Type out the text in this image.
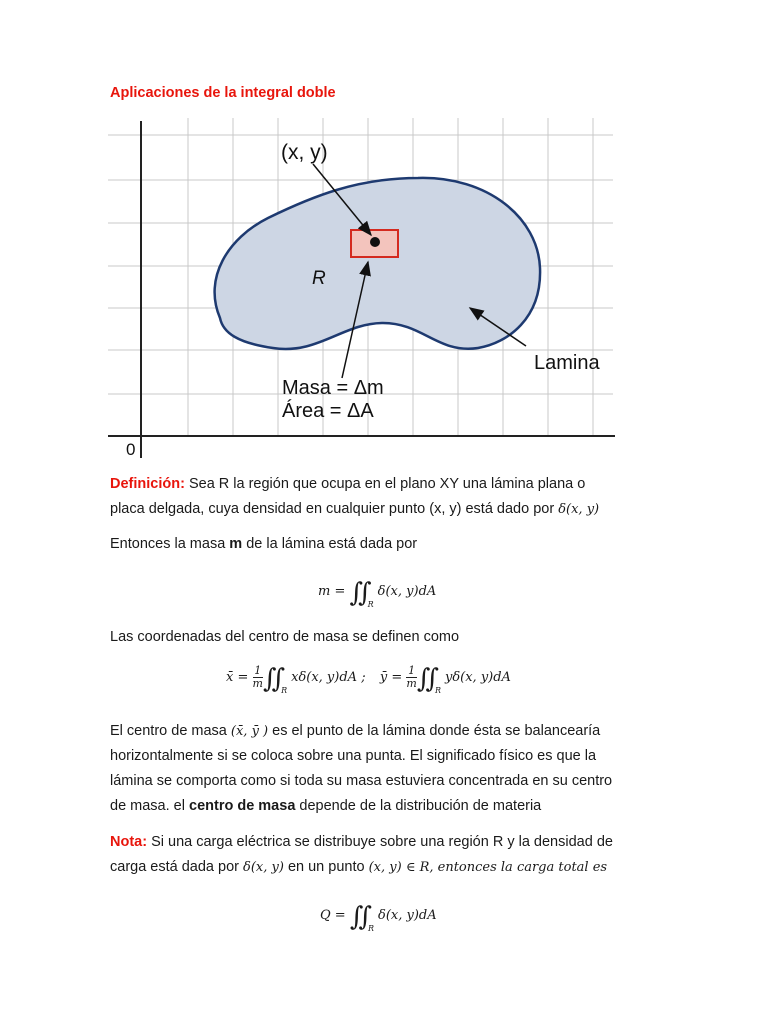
Aplicaciones de la integral doble
(x, y)
R
Lamina
Masa = Δm
Área = ΔA
0
Definición: Sea R la región que ocupa en el plano XY una lámina plana o
placa delgada, cuya densidad en cualquier punto (x, y) está dado por δ(x, y)
Entonces la masa m de la lámina está dada por
m = ∬ $_R$δ(x, y)dA
Las coordenadas del centro de masa se definen como
x̄ = $\frac{1}{m}$ ∬ $_R$xδ(x, y)dA ; ȳ = $\frac{1}{m}$ ∬ $_R$yδ(x, y)dA
El centro de masa (x̄, ȳ ) es el punto de la lámina donde ésta se balancearía
horizontalmente si se coloca sobre una punta. El significado físico es que la
lámina se comporta como si toda su masa estuviera concentrada en su centro
de masa. el centro de masa depende de la distribución de materia
Nota: Si una carga eléctrica se distribuye sobre una región R y la densidad de
carga está dada por δ(x, y) en un punto (x, y) ∈ R, entonces la carga total es
Q = ∬ $_R$δ(x, y)dA
